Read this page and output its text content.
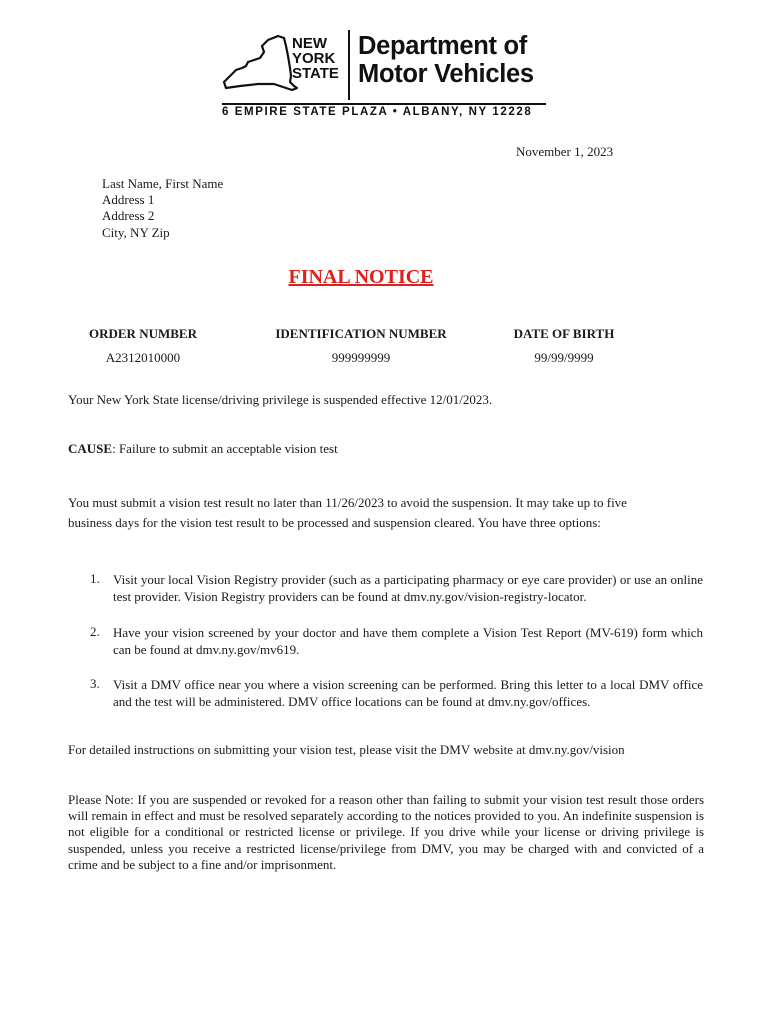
NEW
YORK
STATE
Department of
Motor Vehicles
6 EMPIRE STATE PLAZA • ALBANY, NY 12228
November 1, 2023
Last Name, First Name
Address 1
Address 2
City, NY Zip
FINAL NOTICE
ORDER NUMBER
A2312010000
IDENTIFICATION NUMBER
999999999
DATE OF BIRTH
99/99/9999
Your New York State license/driving privilege is suspended effective 12/01/2023.
CAUSE: Failure to submit an acceptable vision test
You must submit a vision test result no later than 11/26/2023 to avoid the suspension. It may take up to five
business days for the vision test result to be processed and suspension cleared. You have three options:
1. Visit your local Vision Registry provider (such as a participating pharmacy or eye care provider) or use an online test provider. Vision Registry providers can be found at dmv.ny.gov/vision-registry-locator.
2. Have your vision screened by your doctor and have them complete a Vision Test Report (MV-619) form which can be found at dmv.ny.gov/mv619.
3. Visit a DMV office near you where a vision screening can be performed. Bring this letter to a local DMV office and the test will be administered. DMV office locations can be found at dmv.ny.gov/offices.
For detailed instructions on submitting your vision test, please visit the DMV website at dmv.ny.gov/vision
Please Note: If you are suspended or revoked for a reason other than failing to submit your vision test result those orders will remain in effect and must be resolved separately according to the notices provided to you. An indefinite suspension is not eligible for a conditional or restricted license or privilege. If you drive while your license or driving privilege is suspended, unless you receive a restricted license/privilege from DMV, you may be charged with and convicted of a crime and be subject to a fine and/or imprisonment.
